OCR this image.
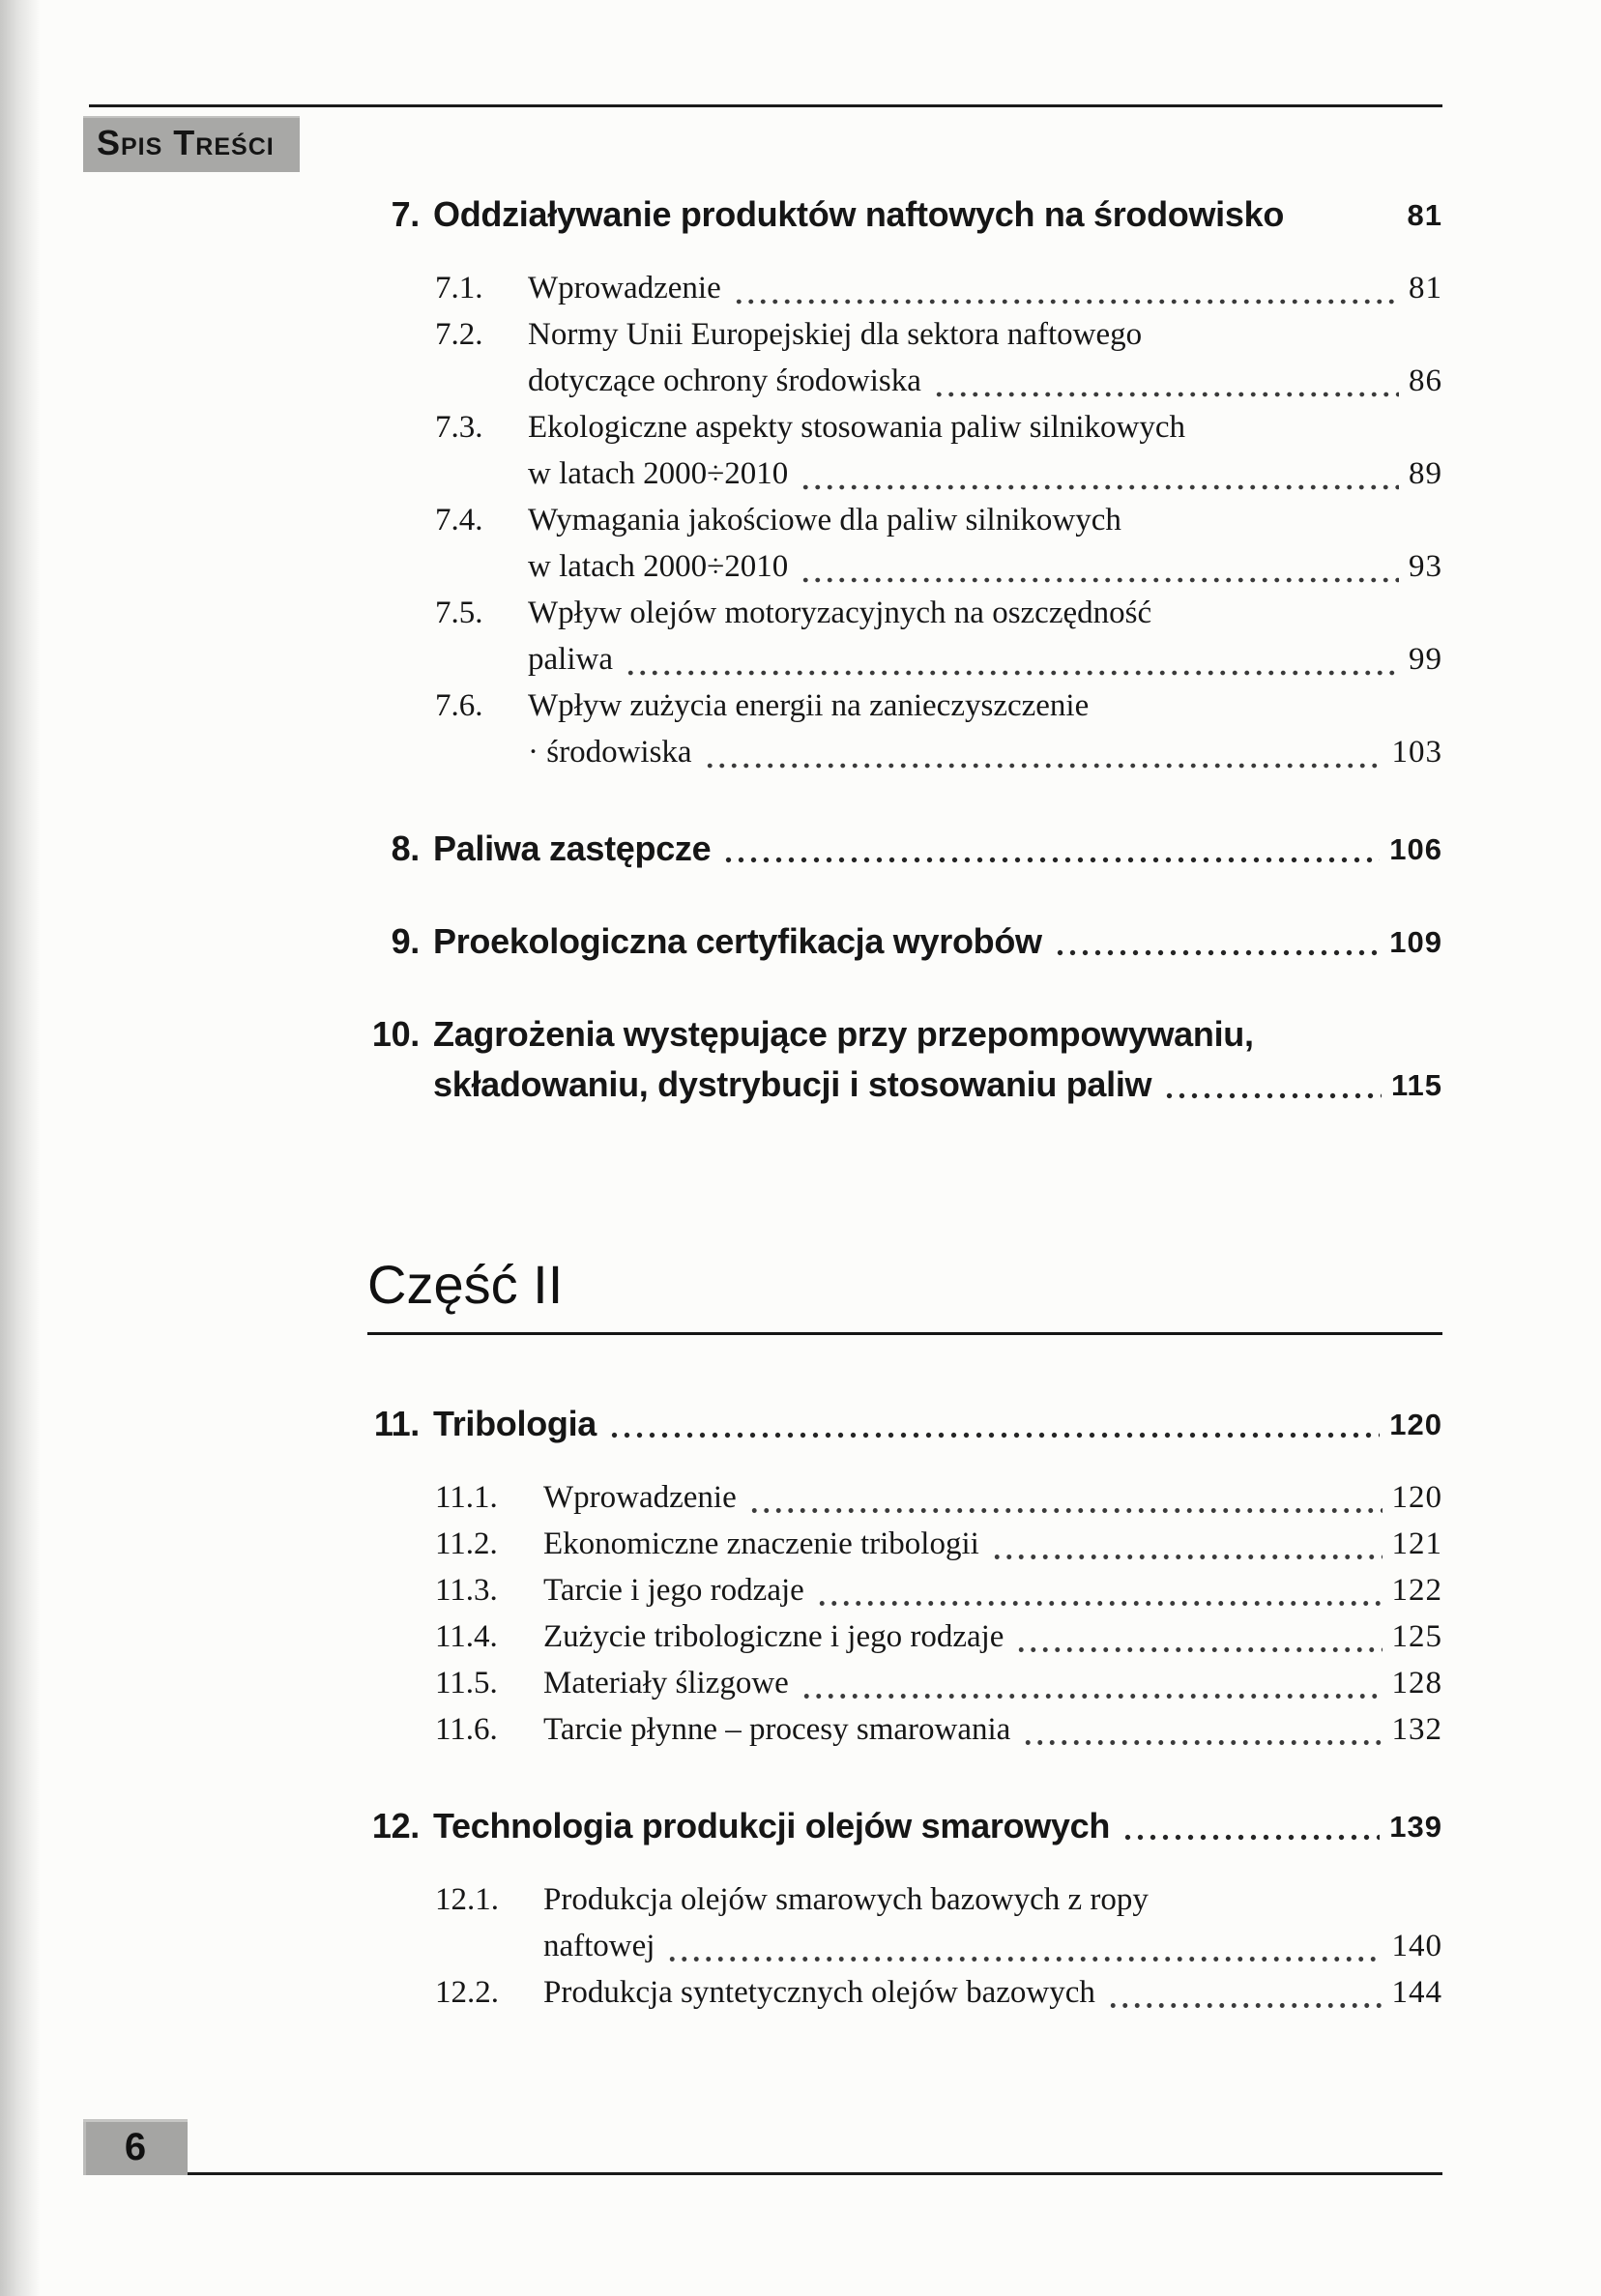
Spis Treści
7. Oddziaływanie produktów naftowych na środowisko	81
7.1.	Wprowadzenie	81
7.2.	Normy Unii Europejskiej dla sektora naftowego
dotyczące ochrony środowiska	86
7.3.	Ekologiczne aspekty stosowania paliw silnikowych
w latach 2000÷2010	89
7.4.	Wymagania jakościowe dla paliw silnikowych
w latach 2000÷2010	93
7.5.	Wpływ olejów motoryzacyjnych na oszczędność
paliwa	99
7.6.	Wpływ zużycia energii na zanieczyszczenie
· środowiska	103
8. Paliwa zastępcze	106
9. Proekologiczna certyfikacja wyrobów	109
10. Zagrożenia występujące przy przepompowywaniu,
składowaniu, dystrybucji i stosowaniu paliw	115
Część II
11. Tribologia	120
11.1.	Wprowadzenie	120
11.2.	Ekonomiczne znaczenie tribologii	121
11.3.	Tarcie i jego rodzaje	122
11.4.	Zużycie tribologiczne i jego rodzaje	125
11.5.	Materiały ślizgowe	128
11.6.	Tarcie płynne – procesy smarowania	132
12. Technologia produkcji olejów smarowych	139
12.1.	Produkcja olejów smarowych bazowych z ropy
naftowej	140
12.2.	Produkcja syntetycznych olejów bazowych	144
6
